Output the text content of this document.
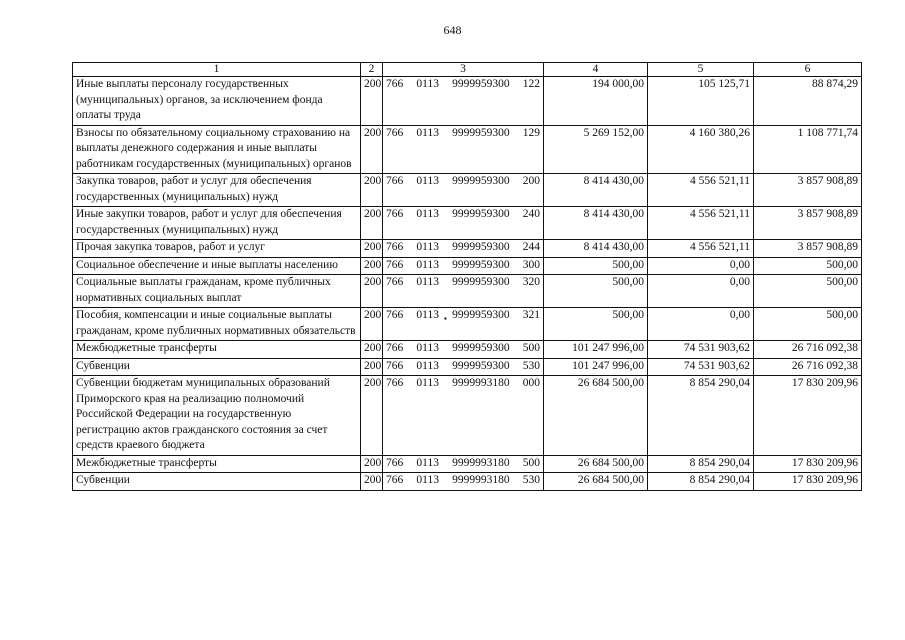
648
1	2	3	4	5	6
Иные выплаты персоналу государственных (муниципальных) органов, за исключением фонда оплаты труда	200	766 0113 9999959300 122	194 000,00	105 125,71	88 874,29
Взносы по обязательному социальному страхованию на выплаты денежного содержания и иные выплаты работникам государственных (муниципальных) органов	200	766 0113 9999959300 129	5 269 152,00	4 160 380,26	1 108 771,74
Закупка товаров, работ и услуг для обеспечения государственных (муниципальных) нужд	200	766 0113 9999959300 200	8 414 430,00	4 556 521,11	3 857 908,89
Иные закупки товаров, работ и услуг для обеспечения государственных (муниципальных) нужд	200	766 0113 9999959300 240	8 414 430,00	4 556 521,11	3 857 908,89
Прочая закупка товаров, работ и услуг	200	766 0113 9999959300 244	8 414 430,00	4 556 521,11	3 857 908,89
Социальное обеспечение и иные выплаты населению	200	766 0113 9999959300 300	500,00	0,00	500,00
Социальные выплаты гражданам, кроме публичных нормативных социальных выплат	200	766 0113 9999959300 320	500,00	0,00	500,00
Пособия, компенсации и иные социальные выплаты гражданам, кроме публичных нормативных обязательств	200	766 0113 9999959300 321	500,00	0,00	500,00
Межбюджетные трансферты	200	766 0113 9999959300 500	101 247 996,00	74 531 903,62	26 716 092,38
Субвенции	200	766 0113 9999959300 530	101 247 996,00	74 531 903,62	26 716 092,38
Субвенции бюджетам муниципальных образований Приморского края на реализацию полномочий Российской Федерации на государственную регистрацию актов гражданского состояния за счет средств краевого бюджета	200	766 0113 9999993180 000	26 684 500,00	8 854 290,04	17 830 209,96
Межбюджетные трансферты	200	766 0113 9999993180 500	26 684 500,00	8 854 290,04	17 830 209,96
Субвенции	200	766 0113 9999993180 530	26 684 500,00	8 854 290,04	17 830 209,96
▪
